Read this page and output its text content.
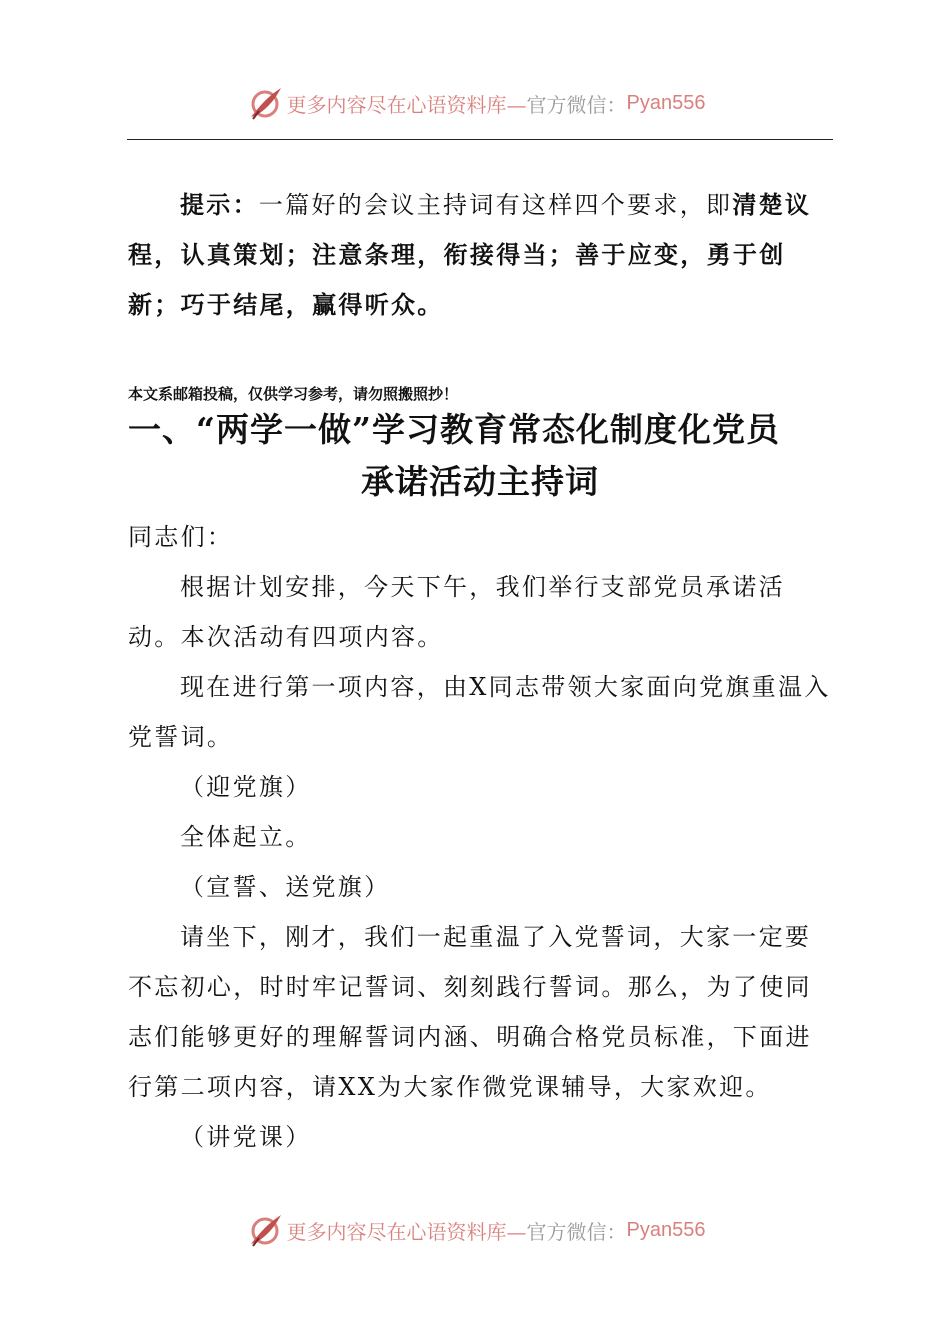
更多内容尽在心语资料库— 官方微信： Pyan556

提示：一篇好的会议主持词有这样四个要求，即清楚议程，认真策划；注意条理，衔接得当；善于应变，勇于创新；巧于结尾，赢得听众。

本文系邮箱投稿，仅供学习参考，请勿照搬照抄！

一、“两学一做”学习教育常态化制度化党员
承诺活动主持词

同志们：

根据计划安排，今天下午，我们举行支部党员承诺活动。本次活动有四项内容。

现在进行第一项内容，由X同志带领大家面向党旗重温入党誓词。

（迎党旗）

全体起立。

（宣誓、送党旗）

请坐下，刚才，我们一起重温了入党誓词，大家一定要不忘初心，时时牢记誓词、刻刻践行誓词。那么，为了使同志们能够更好的理解誓词内涵、明确合格党员标准，下面进行第二项内容，请XX为大家作微党课辅导，大家欢迎。

（讲党课）

更多内容尽在心语资料库— 官方微信： Pyan556
